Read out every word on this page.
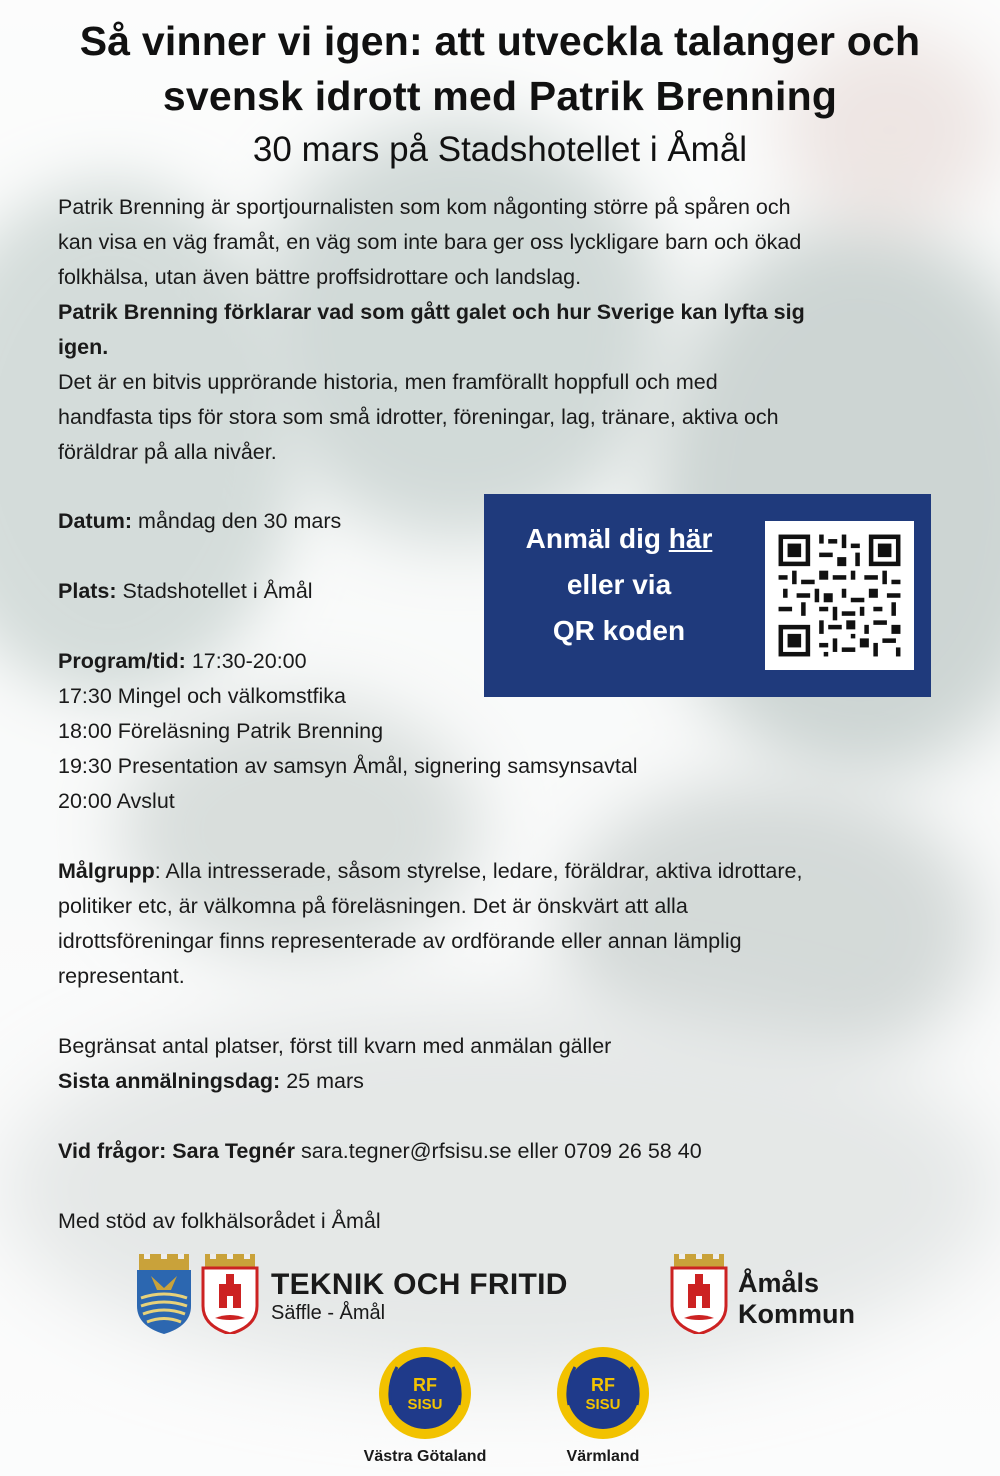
Så vinner vi igen: att utveckla talanger och svensk idrott med Patrik Brenning
30 mars på Stadshotellet i Åmål
Patrik Brenning är sportjournalisten som kom någonting större på spåren och
kan visa en väg framåt, en väg som inte bara ger oss lyckligare barn och ökad
folkhälsa, utan även bättre proffsidrottare och landslag.
Patrik Brenning förklarar vad som gått galet och hur Sverige kan lyfta sig
igen.
Det är en bitvis upprörande historia, men framförallt hoppfull och med
handfasta tips för stora som små idrotter, föreningar, lag, tränare, aktiva och
föräldrar på alla nivåer.
Datum: måndag den 30 mars
Plats: Stadshotellet i Åmål
Program/tid: 17:30-20:00
17:30 Mingel och välkomstfika
18:00 Föreläsning Patrik Brenning
19:30 Presentation av samsyn Åmål, signering samsynsavtal
20:00 Avslut
Målgrupp: Alla intresserade, såsom styrelse, ledare, föräldrar, aktiva idrottare,
politiker etc, är välkomna på föreläsningen. Det är önskvärt att alla
idrottsföreningar finns representerade av ordförande eller annan lämplig
representant.
Begränsat antal platser, först till kvarn med anmälan gäller
Sista anmälningsdag: 25 mars
Vid frågor: Sara Tegnér sara.tegner@rfsisu.se eller 0709 26 58 40
Med stöd av folkhälsorådet i Åmål
Anmäl dig här
eller via
QR koden
TEKNIK OCH FRITID
Säffle - Åmål
Åmåls
Kommun
RF
SISU
Västra Götaland
RF
SISU
Värmland
